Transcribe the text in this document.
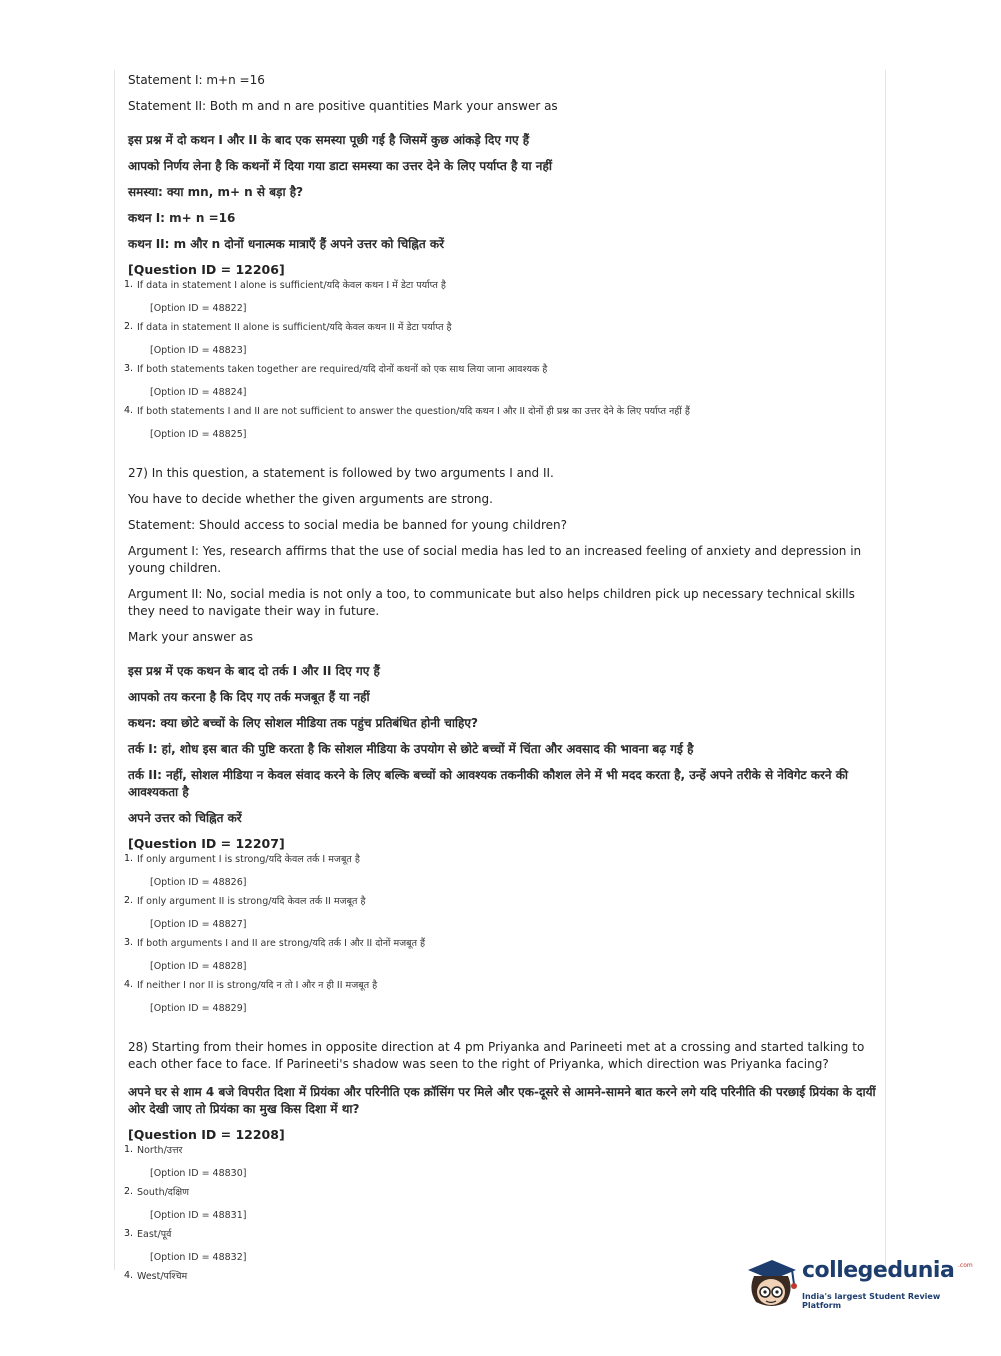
Statement I: m+n =16

Statement II: Both m and n are positive quantities Mark your answer as

इस प्रश्न में दो कथन I और II के बाद एक समस्या पूछी गई है जिसमें कुछ आंकड़े दिए गए हैं

आपको निर्णय लेना है कि कथनों में दिया गया डाटा समस्या का उत्तर देने के लिए पर्याप्त है या नहीं

समस्या: क्या mn, m+ n से बड़ा है?

कथन I: m+ n =16

कथन II: m और n दोनों धनात्मक मात्राएँ हैं अपने उत्तर को चिह्नित करें

[Question ID = 12206]
1. If data in statement I alone is sufficient/यदि केवल कथन I में डेटा पर्याप्त है
[Option ID = 48822]
2. If data in statement II alone is sufficient/यदि केवल कथन II में डेटा पर्याप्त है
[Option ID = 48823]
3. If both statements taken together are required/यदि दोनों कथनों को एक साथ लिया जाना आवश्यक है
[Option ID = 48824]
4. If both statements I and II are not sufficient to answer the question/यदि कथन I और II दोनों ही प्रश्न का उत्तर देने के लिए पर्याप्त नहीं हैं
[Option ID = 48825]

27) In this question, a statement is followed by two arguments I and II.

You have to decide whether the given arguments are strong.

Statement: Should access to social media be banned for young children?

Argument I: Yes, research affirms that the use of social media has led to an increased feeling of anxiety and depression in young children.

Argument II: No, social media is not only a too, to communicate but also helps children pick up necessary technical skills they need to navigate their way in future.

Mark your answer as

इस प्रश्न में एक कथन के बाद दो तर्क I और II दिए गए हैं

आपको तय करना है कि दिए गए तर्क मजबूत हैं या नहीं

कथन: क्या छोटे बच्चों के लिए सोशल मीडिया तक पहुंच प्रतिबंधित होनी चाहिए?

तर्क I: हां, शोध इस बात की पुष्टि करता है कि सोशल मीडिया के उपयोग से छोटे बच्चों में चिंता और अवसाद की भावना बढ़ गई है

तर्क II: नहीं, सोशल मीडिया न केवल संवाद करने के लिए बल्कि बच्चों को आवश्यक तकनीकी कौशल लेने में भी मदद करता है, उन्हें अपने तरीके से नेविगेट करने की आवश्यकता है

अपने उत्तर को चिह्नित करें

[Question ID = 12207]
1. If only argument I is strong/यदि केवल तर्क I मजबूत है
[Option ID = 48826]
2. If only argument II is strong/यदि केवल तर्क II मजबूत है
[Option ID = 48827]
3. If both arguments I and II are strong/यदि तर्क I और II दोनों मजबूत हैं
[Option ID = 48828]
4. If neither I nor II is strong/यदि न तो I और न ही II मजबूत है
[Option ID = 48829]

28) Starting from their homes in opposite direction at 4 pm Priyanka and Parineeti met at a crossing and started talking to each other face to face. If Parineeti's shadow was seen to the right of Priyanka, which direction was Priyanka facing?

अपने घर से शाम 4 बजे विपरीत दिशा में प्रियंका और परिनीति एक क्रॉसिंग पर मिले और एक-दूसरे से आमने-सामने बात करने लगे यदि परिनीति की परछाई प्रियंका के दायीं ओर देखी जाए तो प्रियंका का मुख किस दिशा में था?

[Question ID = 12208]
1. North/उत्तर
[Option ID = 48830]
2. South/दक्षिण
[Option ID = 48831]
3. East/पूर्व
[Option ID = 48832]
4. West/पश्चिम	collegedunia .com
India's largest Student Review Platform
